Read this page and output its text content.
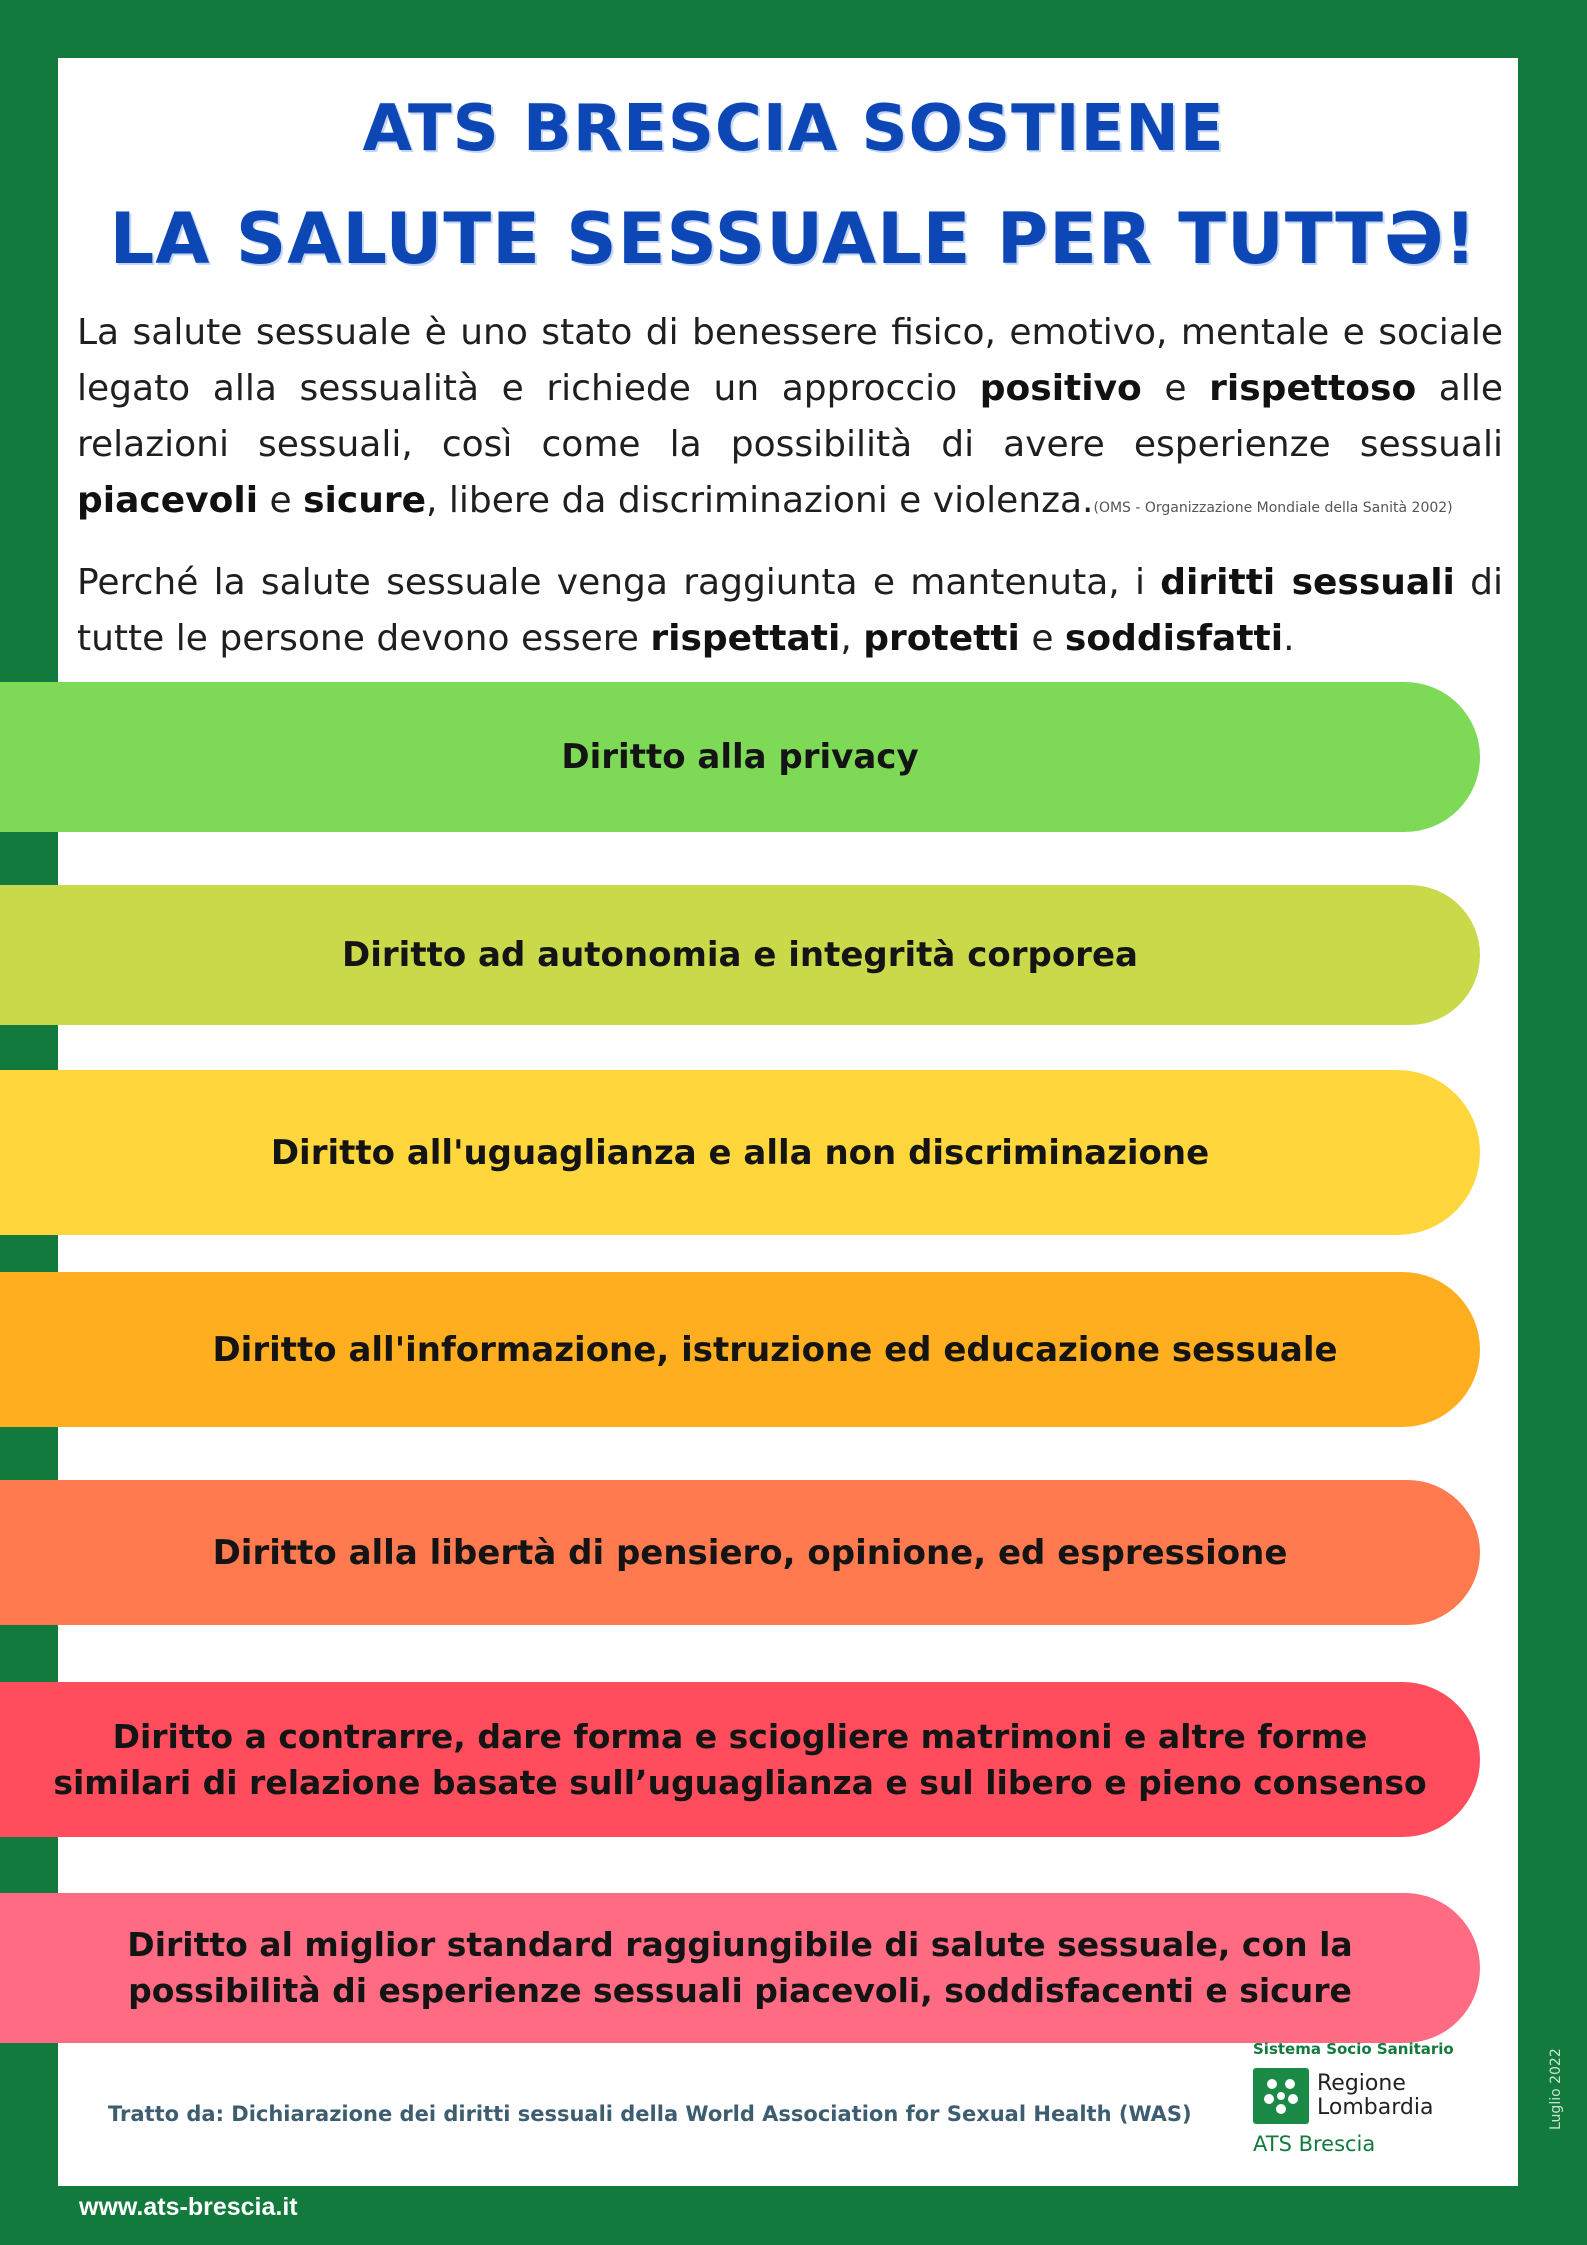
ATS BRESCIA SOSTIENE
LA SALUTE SESSUALE PER TUTTƏ!

La salute sessuale è uno stato di benessere fisico, emotivo, mentale e sociale legato alla sessualità e richiede un approccio positivo e rispettoso alle relazioni sessuali, così come la possibilità di avere esperienze sessuali piacevoli e sicure, libere da discriminazioni e violenza.(OMS - Organizzazione Mondiale della Sanità 2002)

Perché la salute sessuale venga raggiunta e mantenuta, i diritti sessuali di tutte le persone devono essere rispettati, protetti e soddisfatti.

Diritto alla privacy
Diritto ad autonomia e integrità corporea
Diritto all'uguaglianza e alla non discriminazione
Diritto all'informazione, istruzione ed educazione sessuale
Diritto alla libertà di pensiero, opinione, ed espressione
Diritto a contrarre, dare forma e sciogliere matrimoni e altre forme
similari di relazione basate sull’uguaglianza e sul libero e pieno consenso
Diritto al miglior standard raggiungibile di salute sessuale, con la
possibilità di esperienze sessuali piacevoli, soddisfacenti e sicure
Tratto da: Dichiarazione dei diritti sessuali della World Association for Sexual Health (WAS)
Sistema Socio Sanitario
Regione
Lombardia
ATS Brescia
Luglio 2022
www.ats-brescia.it
